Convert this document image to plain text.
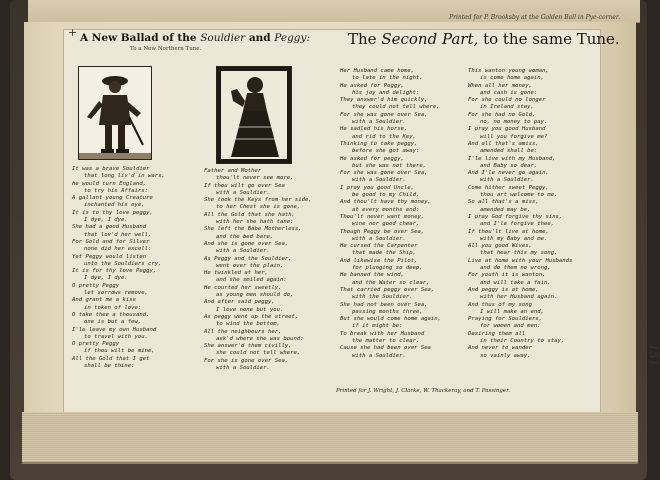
Printed for P. Brooksby at the Golden Ball in Pye-corner.
+ A New Ballad of the Souldier and Peggy:
To a New Northern Tune.
The Second Part, to the same Tune.
It was a brave Souldier
that long liv'd in wars,
he would turn England,
to try his Affairs:
A gallant young Creature
inchanted his eye,
It is to thy love peggy,
I dye, I dye.
She had a good Husband
that lov'd her well,
For Gold and for Silver
none did her excell:
Yet Peggy would listen
unto the Souldiers cry,
It is for thy love Peggy,
I dye, I dye.
O pretty Peggy
let sorrows remove,
And grant me a kiss
in token of love:
O take thee a thousand,
one is but a few,
I'le leave my own Husband
to travel with you.
O pretty Peggy
if thou wilt be mine,
All the Gold that I get
shall be thine:
Father and Mother
thou'lt never see more,
If thou wilt go over Sea
with a Souldier.
She took the Keys from her side,
to her Chest she is gone,
All the Gold that she hath,
with her she hath tane:
She left the Babe Motherless,
and the bed bare,
And she is gone over Sea,
with a Souldier.
As Peggy and the Souldier,
went over the plain,
He twinkled at her,
and she smiled again:
He courted her sweetly,
as young men should do,
And after said peggy,
I love none but you.
As peggy went up the street,
to wind the bottom,
All the neighbours her,
ask'd where she was bound:
She answer'd them civilly,
she could not tell where,
For she is gone over Sea,
with a Souldier.
Her Husband came home,
to late in the night,
He asked for Peggy,
his joy and delight:
They answer'd him quickly,
they could not tell where,
For she was gone over Sea,
with a Souldier.
He sadled his horse,
and rid to the Key,
Thinking to take peggy,
before she got away:
He asked for peggy,
but she was not there,
For she was gone over Sea,
with a Souldier.
I pray you good Uncle,
be good to my Child,
And thou'lt have thy money,
at every months end:
Thou'lt never want money,
wine nor good chear,
Though Peggy be over Sea,
with a Souldier.
He cursed the Carpenter
that made the Ship,
And likewise the Pilot,
for plunging so deep,
He banned the wind,
and the Water so clear,
That carried peggy over Sea,
with the Souldier.
She had not been over Sea,
passing months three,
But she would come home again,
if it might be:
To break with her Husband
the matter to clear,
Cause she had been over Sea
with a Souldier.
This wanton young woman,
is come home again,
When all her money,
and cash is gone:
For she could no longer
in Ireland stay,
For she had no Gold,
no, no money to pay.
I pray you good Husband
will you forgive me?
And all that's amiss,
amended shall be:
I'le live with my Husband,
and Baby so dear,
And I'le never go again,
with a Souldier.
Come hither sweet Peggy,
thou art welcome to me,
So all that's a miss,
amended may be,
I pray God forgive thy sins,
and I'le forgive thee,
If thou'lt live at home,
with my Baby and me.
All you good Wives,
that hear this my song,
Live at home with your Husbands
and do them no wrong,
For youth it is wanton,
and will take a fain,
And peggy is at home,
with her Husband again.
And thus of my song
I will make an end,
Praying for Souldiers,
for women and men:
Desiring them all
in their Country to stay,
And never to wander
so vainly away.
Printed for J. Wright, J. Clarke, W. Thackeray, and T. Passinger.
151
